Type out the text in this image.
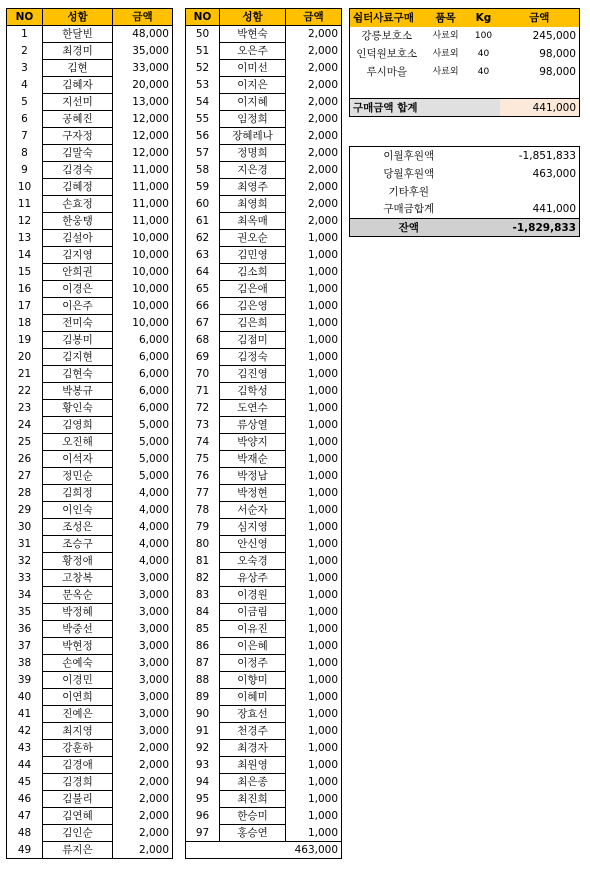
NO	성함	금액
1	한달빈	48,000
2	최경미	35,000
3	김현	33,000
4	김혜자	20,000
5	지선미	13,000
6	공혜진	12,000
7	구자정	12,000
8	김말숙	12,000
9	김경숙	11,000
10	김혜정	11,000
11	손효정	11,000
12	한웅탱	11,000
13	김설아	10,000
14	김지영	10,000
15	안희권	10,000
16	이경은	10,000
17	이은주	10,000
18	전미숙	10,000
19	김봉미	6,000
20	김지현	6,000
21	김현숙	6,000
22	박봉규	6,000
23	황인숙	6,000
24	김영희	5,000
25	오진해	5,000
26	이석자	5,000
27	정민순	5,000
28	김희정	4,000
29	이인숙	4,000
30	조성은	4,000
31	조승구	4,000
32	황정애	4,000
33	고창복	3,000
34	문옥순	3,000
35	박정혜	3,000
36	박중선	3,000
37	박현정	3,000
38	손예숙	3,000
39	이경민	3,000
40	이연희	3,000
41	진예은	3,000
42	최지영	3,000
43	강훈하	2,000
44	김경애	2,000
45	김경희	2,000
46	김불리	2,000
47	김연혜	2,000
48	김인순	2,000
49	류지은	2,000
NO	성함	금액
50	박현숙	2,000
51	오은주	2,000
52	이미선	2,000
53	이지은	2,000
54	이지혜	2,000
55	임정희	2,000
56	장혜레나	2,000
57	정명희	2,000
58	지은경	2,000
59	최영주	2,000
60	최영희	2,000
61	최옥매	2,000
62	권오순	1,000
63	김민영	1,000
64	김소희	1,000
65	김은애	1,000
66	김은영	1,000
67	김은희	1,000
68	김점미	1,000
69	김정숙	1,000
70	김진영	1,000
71	김학성	1,000
72	도연수	1,000
73	류상열	1,000
74	박양지	1,000
75	박재순	1,000
76	박정남	1,000
77	박정현	1,000
78	서순자	1,000
79	심지영	1,000
80	안신영	1,000
81	오숙경	1,000
82	유상주	1,000
83	이경원	1,000
84	이금림	1,000
85	이유진	1,000
86	이은혜	1,000
87	이정주	1,000
88	이향미	1,000
89	이혜미	1,000
90	장효선	1,000
91	천경주	1,000
92	최경자	1,000
93	최원영	1,000
94	최은종	1,000
95	최진희	1,000
96	한승미	1,000
97	홍승연	1,000
463,000		
쉼터사료구매	품목	Kg	금액
강릉보호소	사료외	100	245,000
인덕원보호소	사료외	40	98,000
루시마을	사료외	40	98,000

구매금액 합계			441,000
이월후원액	-1,851,833
당월후원액	463,000
기타후원	
구매금합계	441,000
잔액	-1,829,833
